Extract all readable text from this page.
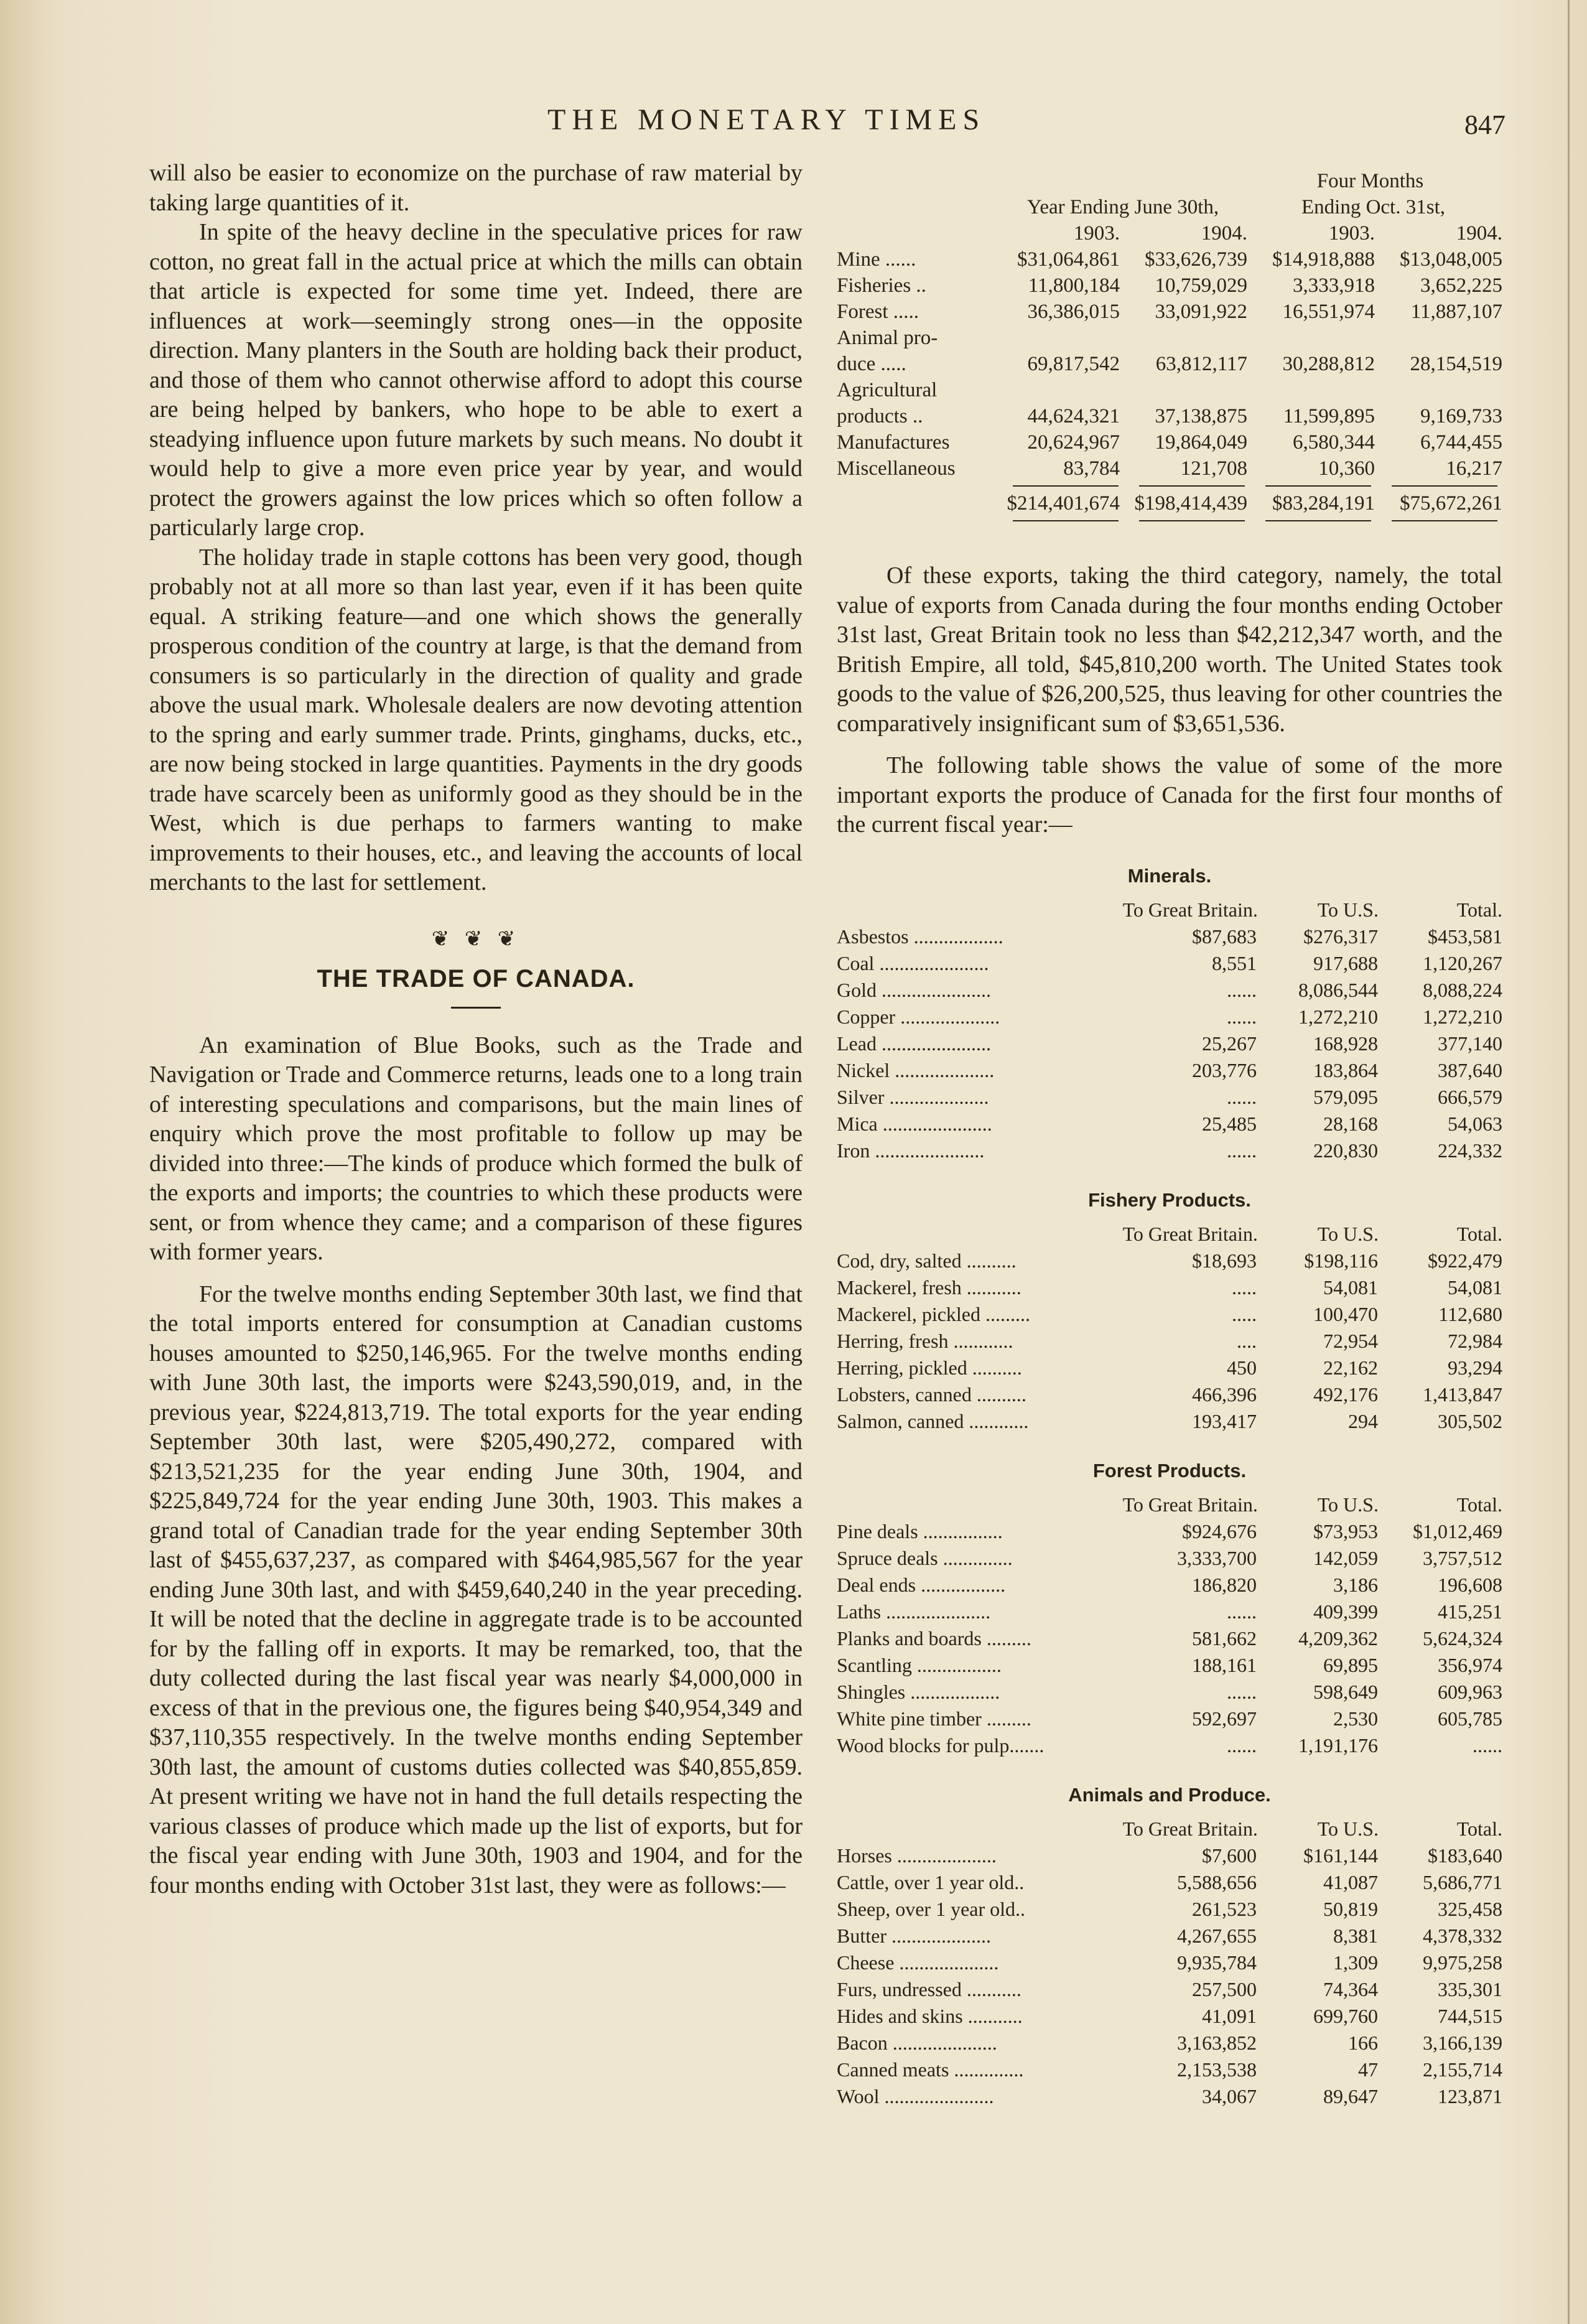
THE MONETARY TIMES	847

will also be easier to economize on the purchase of raw material by taking large quantities of it.

In spite of the heavy decline in the speculative prices for raw cotton, no great fall in the actual price at which the mills can obtain that article is expected for some time yet. Indeed, there are influences at work—seemingly strong ones—in the opposite direction. Many planters in the South are holding back their product, and those of them who cannot otherwise afford to adopt this course are being helped by bankers, who hope to be able to exert a steadying influence upon future markets by such means. No doubt it would help to give a more even price year by year, and would protect the growers against the low prices which so often follow a particularly large crop.

The holiday trade in staple cottons has been very good, though probably not at all more so than last year, even if it has been quite equal. A striking feature—and one which shows the generally prosperous condition of the country at large, is that the demand from consumers is so particularly in the direction of quality and grade above the usual mark. Wholesale dealers are now devoting attention to the spring and early summer trade. Prints, ginghams, ducks, etc., are now being stocked in large quantities. Payments in the dry goods trade have scarcely been as uniformly good as they should be in the West, which is due perhaps to farmers wanting to make improvements to their houses, etc., and leaving the accounts of local merchants to the last for settlement.

❦ ❦ ❦
THE TRADE OF CANADA.

An examination of Blue Books, such as the Trade and Navigation or Trade and Commerce returns, leads one to a long train of interesting speculations and comparisons, but the main lines of enquiry which prove the most profitable to follow up may be divided into three:—The kinds of produce which formed the bulk of the exports and imports; the countries to which these products were sent, or from whence they came; and a comparison of these figures with former years.

For the twelve months ending September 30th last, we find that the total imports entered for consumption at Canadian customs houses amounted to $250,146,965. For the twelve months ending with June 30th last, the imports were $243,590,019, and, in the previous year, $224,813,719. The total exports for the year ending September 30th last, were $205,490,272, compared with $213,521,235 for the year ending June 30th, 1904, and $225,849,724 for the year ending June 30th, 1903. This makes a grand total of Canadian trade for the year ending September 30th last of $455,637,237, as compared with $464,985,567 for the year ending June 30th last, and with $459,640,240 in the year preceding. It will be noted that the decline in aggregate trade is to be accounted for by the falling off in exports. It may be remarked, too, that the duty collected during the last fiscal year was nearly $4,000,000 in excess of that in the previous one, the figures being $40,954,349 and $37,110,355 respectively. In the twelve months ending September 30th last, the amount of customs duties collected was $40,855,859. At present writing we have not in hand the full details respecting the various classes of produce which made up the list of exports, but for the fiscal year ending with June 30th, 1903 and 1904, and for the four months ending with October 31st last, they were as follows:—

Four Months
Year Ending June 30th,	Ending Oct. 31st,
1903.	1904.	1903.	1904.
Mine ......	$31,064,861	$33,626,739	$14,918,888	$13,048,005
Fisheries ..	11,800,184	10,759,029	3,333,918	3,652,225
Forest .....	36,386,015	33,091,922	16,551,974	11,887,107
Animal pro-
duce .....	69,817,542	63,812,117	30,288,812	28,154,519
Agricultural
products ..	44,624,321	37,138,875	11,599,895	9,169,733
Manufactures	20,624,967	19,864,049	6,580,344	6,744,455
Miscellaneous	83,784	121,708	10,360	16,217
$214,401,674 $198,414,439	$83,284,191	$75,672,261

Of these exports, taking the third category, namely, the total value of exports from Canada during the four months ending October 31st last, Great Britain took no less than $42,212,347 worth, and the British Empire, all told, $45,810,200 worth. The United States took goods to the value of $26,200,525, thus leaving for other countries the comparatively insignificant sum of $3,651,536.

The following table shows the value of some of the more important exports the produce of Canada for the first four months of the current fiscal year:—

Minerals.
To Great Britain.	To U.S.	Total.
Asbestos ..................	$87,683	$276,317	$453,581
Coal ......................	8,551	917,688	1,120,267
Gold ......................	......	8,086,544	8,088,224
Copper ....................	......	1,272,210	1,272,210
Lead ......................	25,267	168,928	377,140
Nickel ....................	203,776	183,864	387,640
Silver ....................	......	579,095	666,579
Mica ......................	25,485	28,168	54,063
Iron ......................	......	220,830	224,332
Fishery Products.
To Great Britain.	To U.S.	Total.
Cod, dry, salted ..........	$18,693	$198,116	$922,479
Mackerel, fresh ...........	.....	54,081	54,081
Mackerel, pickled .........	.....	100,470	112,680
Herring, fresh ............	....	72,954	72,984
Herring, pickled ..........	450	22,162	93,294
Lobsters, canned ..........	466,396	492,176	1,413,847
Salmon, canned ............	193,417	294	305,502
Forest Products.
To Great Britain.	To U.S.	Total.
Pine deals ................	$924,676	$73,953	$1,012,469
Spruce deals ..............	3,333,700	142,059	3,757,512
Deal ends .................	186,820	3,186	196,608
Laths .....................	......	409,399	415,251
Planks and boards .........	581,662	4,209,362	5,624,324
Scantling .................	188,161	69,895	356,974
Shingles ..................	......	598,649	609,963
White pine timber .........	592,697	2,530	605,785
Wood blocks for pulp.......	......	1,191,176	......
Animals and Produce.
To Great Britain.	To U.S.	Total.
Horses ....................	$7,600	$161,144	$183,640
Cattle, over 1 year old..	5,588,656	41,087	5,686,771
Sheep, over 1 year old..	261,523	50,819	325,458
Butter ....................	4,267,655	8,381	4,378,332
Cheese ....................	9,935,784	1,309	9,975,258
Furs, undressed ...........	257,500	74,364	335,301
Hides and skins ...........	41,091	699,760	744,515
Bacon .....................	3,163,852	166	3,166,139
Canned meats ..............	2,153,538	47	2,155,714
Wool ......................	34,067	89,647	123,871
